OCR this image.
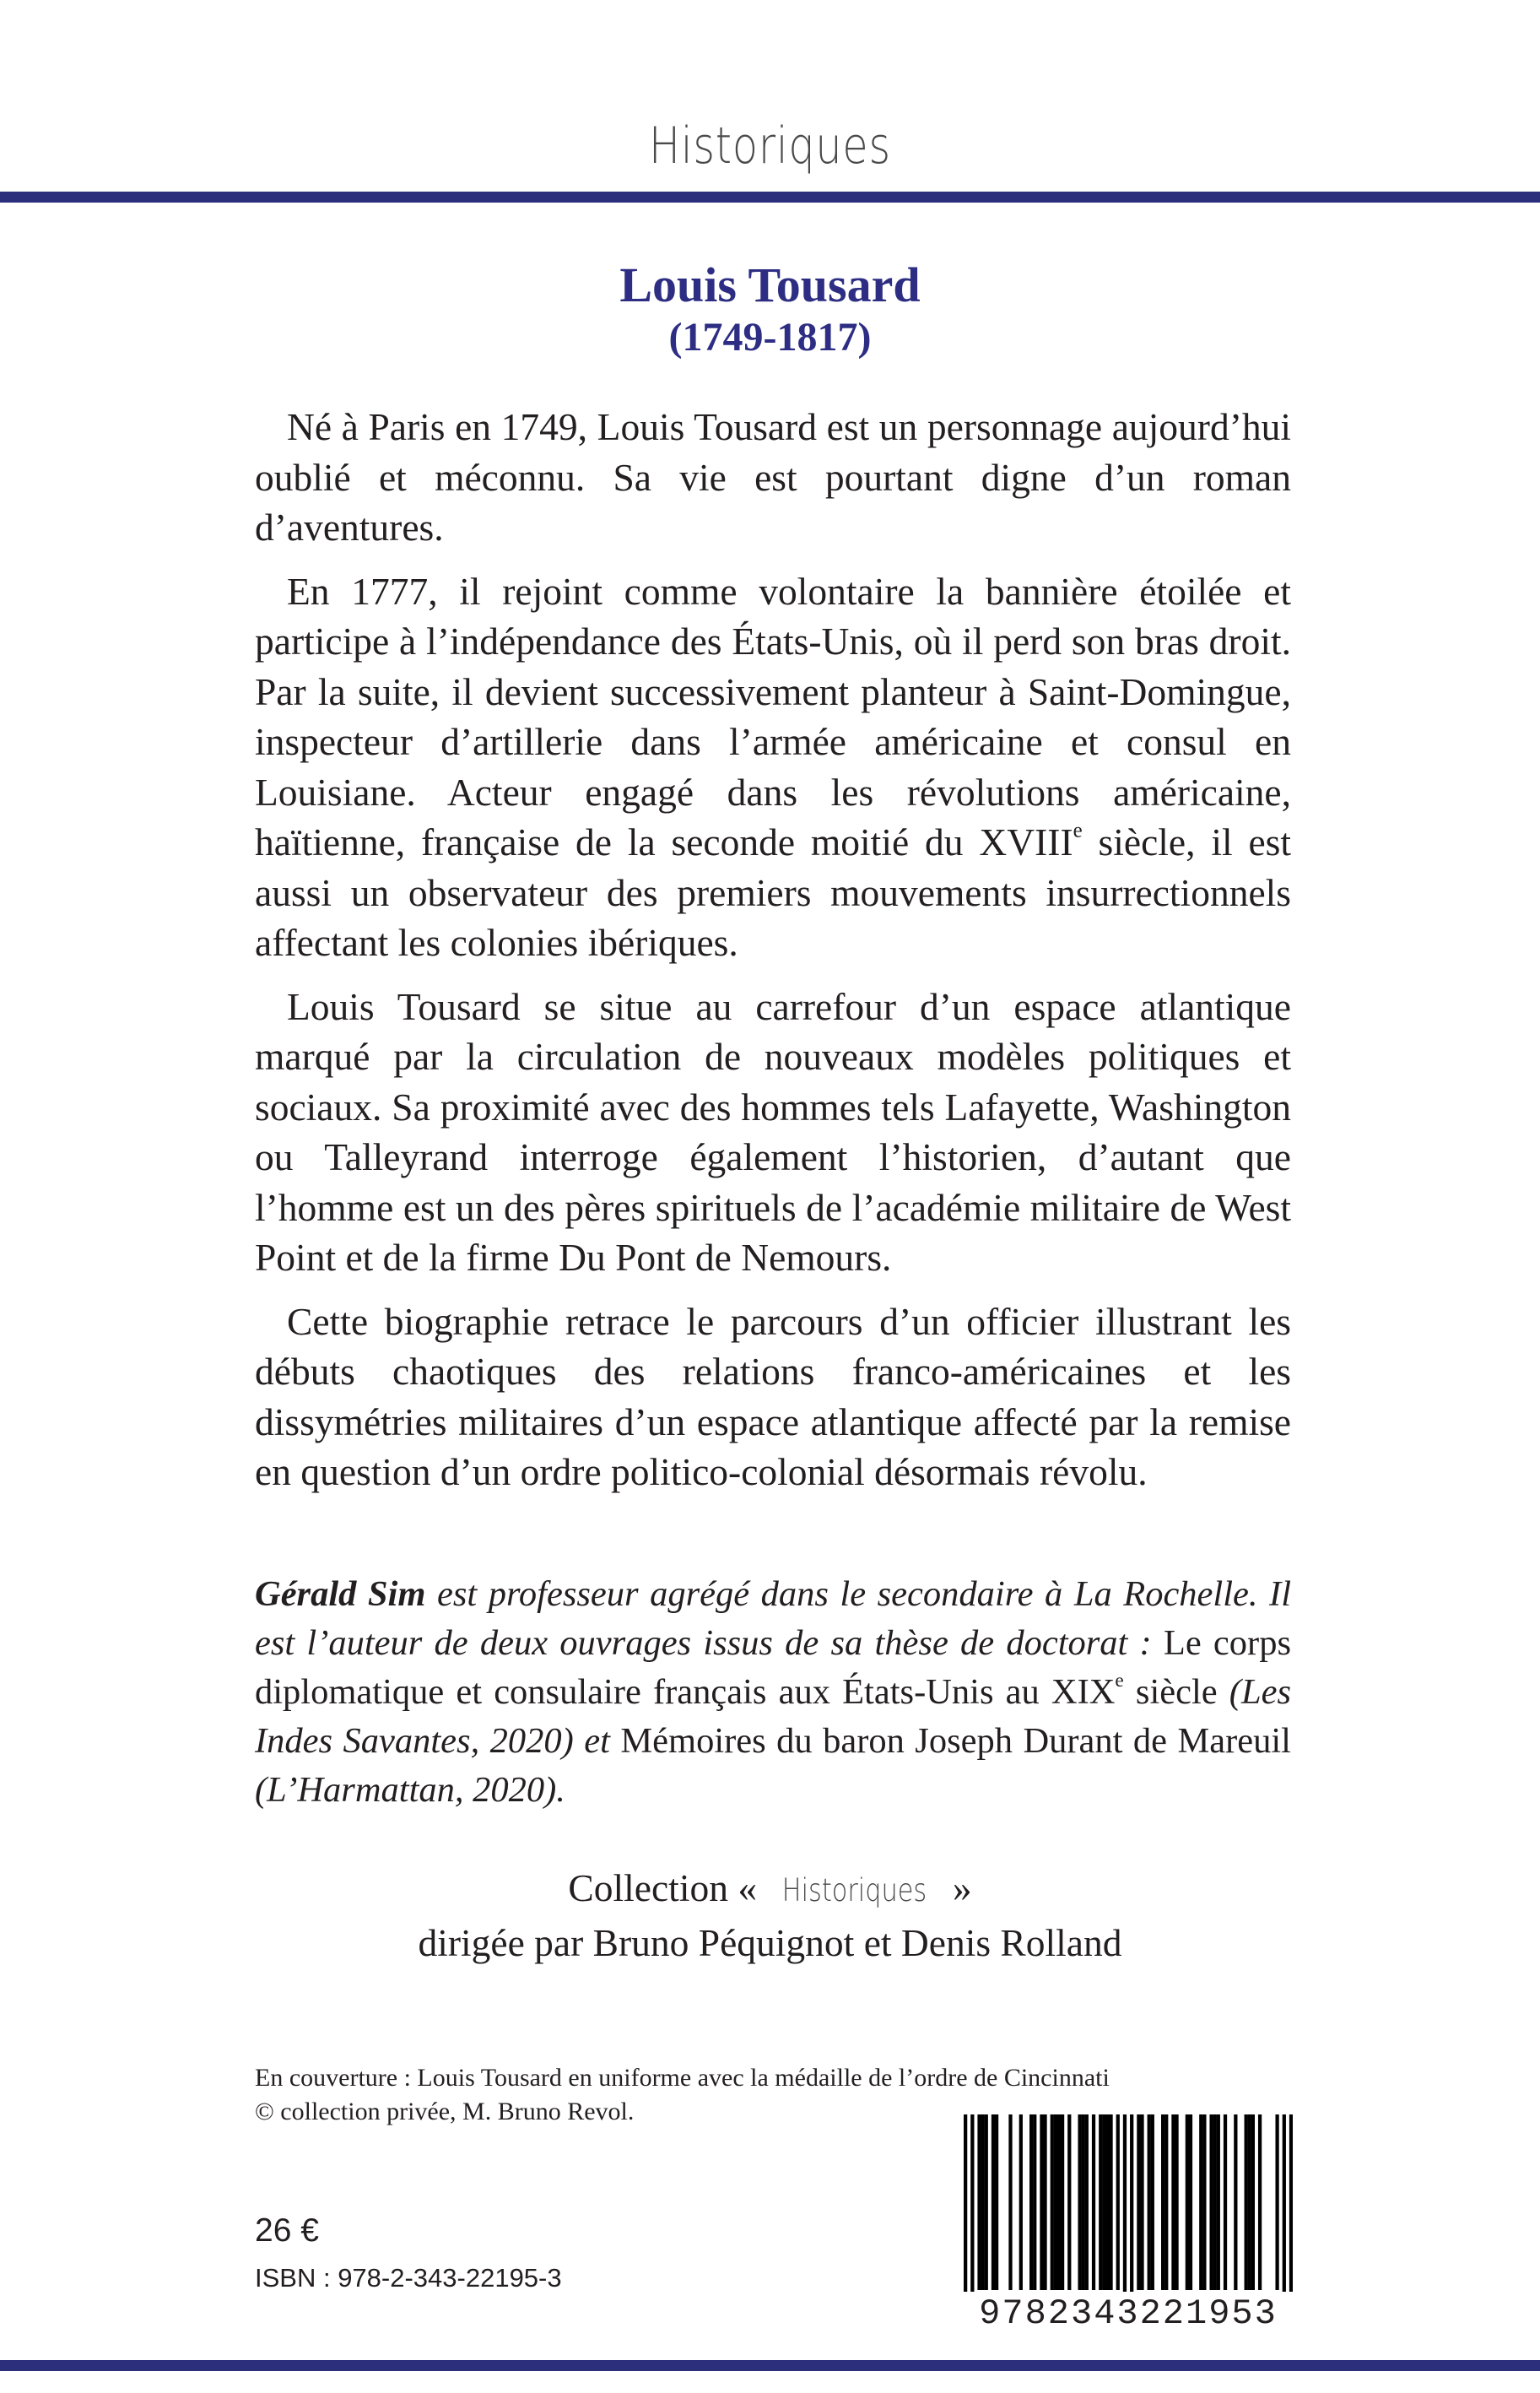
Historiques
Louis Tousard
(1749-1817)

Né à Paris en 1749, Louis Tousard est un personnage aujourd’hui oublié et méconnu. Sa vie est pourtant digne d’un roman d’aventures.

En 1777, il rejoint comme volontaire la bannière étoilée et participe à l’indépendance des États-Unis, où il perd son bras droit. Par la suite, il devient successivement planteur à Saint-Domingue, inspecteur d’artillerie dans l’armée américaine et consul en Louisiane. Acteur engagé dans les révolutions américaine, haïtienne, française de la seconde moitié du XVIIIe siècle, il est aussi un observateur des premiers mouvements insurrectionnels affectant les colonies ibériques.

Louis Tousard se situe au carrefour d’un espace atlantique marqué par la circulation de nouveaux modèles politiques et sociaux. Sa proximité avec des hommes tels Lafayette, Washington ou Talleyrand interroge également l’historien, d’autant que l’homme est un des pères spirituels de l’académie militaire de West Point et de la firme Du Pont de Nemours.

Cette biographie retrace le parcours d’un officier illustrant les débuts chaotiques des relations franco-américaines et les dissymétries militaires d’un espace atlantique affecté par la remise en question d’un ordre politico-colonial désormais révolu.

Gérald Sim est professeur agrégé dans le secondaire à La Rochelle. Il est l’auteur de deux ouvrages issus de sa thèse de doctorat : Le corps diplomatique et consulaire français aux États-Unis au XIXe siècle (Les Indes Savantes, 2020) et Mémoires du baron Joseph Durant de Mareuil (L’Harmattan, 2020).
Collection « Historiques »
dirigée par Bruno Péquignot et Denis Rolland
En couverture : Louis Tousard en uniforme avec la médaille de l’ordre de Cincinnati
© collection privée, M. Bruno Revol.
26 €
ISBN : 978-2-343-22195-3
9782343221953
